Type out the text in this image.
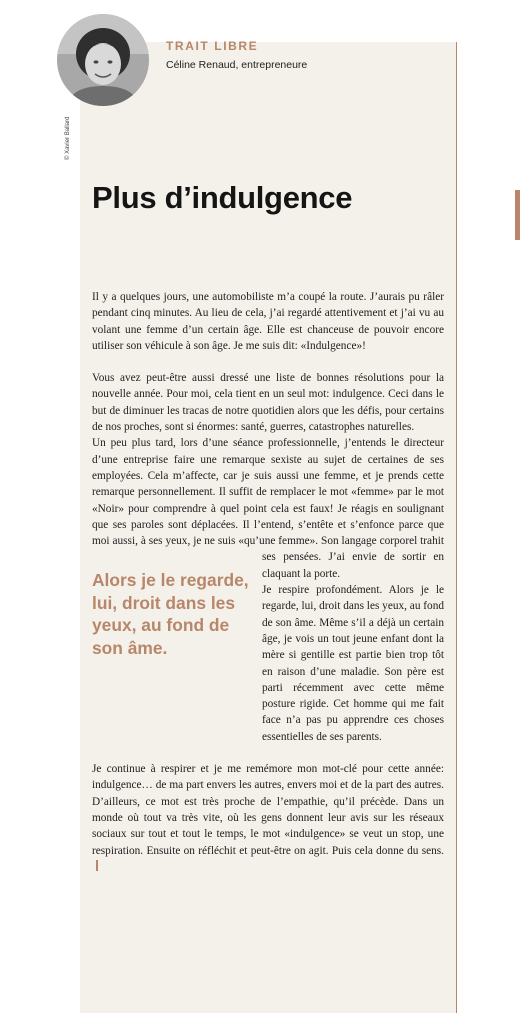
© Xavier Ballard
TRAIT LIBRE
Céline Renaud, entrepreneure
Plus d’indulgence

Il y a quelques jours, une automobiliste m’a coupé la route. J’aurais pu râler pendant cinq minutes. Au lieu de cela, j’ai regardé attentivement et j’ai vu au volant une femme d’un certain âge. Elle est chanceuse de pouvoir encore utiliser son véhicule à son âge. Je me suis dit: «Indulgence»!

Vous avez peut-être aussi dressé une liste de bonnes résolutions pour la nouvelle année. Pour moi, cela tient en un seul mot: indulgence. Ceci dans le but de diminuer les tracas de notre quotidien alors que les défis, pour certains de nos proches, sont si énormes: santé, guerres, catastrophes naturelles.

Un peu plus tard, lors d’une séance professionnelle, j’entends le directeur d’une entreprise faire une remarque sexiste au sujet de certaines de ses employées. Cela m’affecte, car je suis aussi une femme, et je prends cette remarque personnellement. Il suffit de remplacer le mot «femme» par le mot «Noir» pour comprendre à quel point cela est faux! Je réagis en soulignant que ses paroles sont déplacées. Il l’entend, s’entête et s’enfonce parce que moi aussi, à ses yeux, je ne suis «qu’une
Alors je le regarde, lui, droit dans les yeux, au fond de son âme.
femme». Son langage corporel trahit ses pensées. J’ai envie de sortir en claquant la porte.

Je respire profondément. Alors je le regarde, lui, droit dans les yeux, au fond de son âme. Même s’il a déjà un certain âge, je vois un tout jeune enfant dont la mère si gentille est partie bien trop tôt en raison d’une maladie. Son père est parti récemment avec cette même posture rigide. Cet homme qui me fait face n’a pas pu apprendre ces choses essentielles de ses parents.

Je continue à respirer et je me remémore mon mot-clé pour cette année: indulgence… de ma part envers les autres, envers moi et de la part des autres. D’ailleurs, ce mot est très proche de l’empathie, qu’il précède. Dans un monde où tout va très vite, où les gens donnent leur avis sur les réseaux sociaux sur tout et tout le temps, le mot «indulgence» se veut un stop, une respiration. Ensuite on réfléchit et peut-être on agit. Puis cela donne du sens.
